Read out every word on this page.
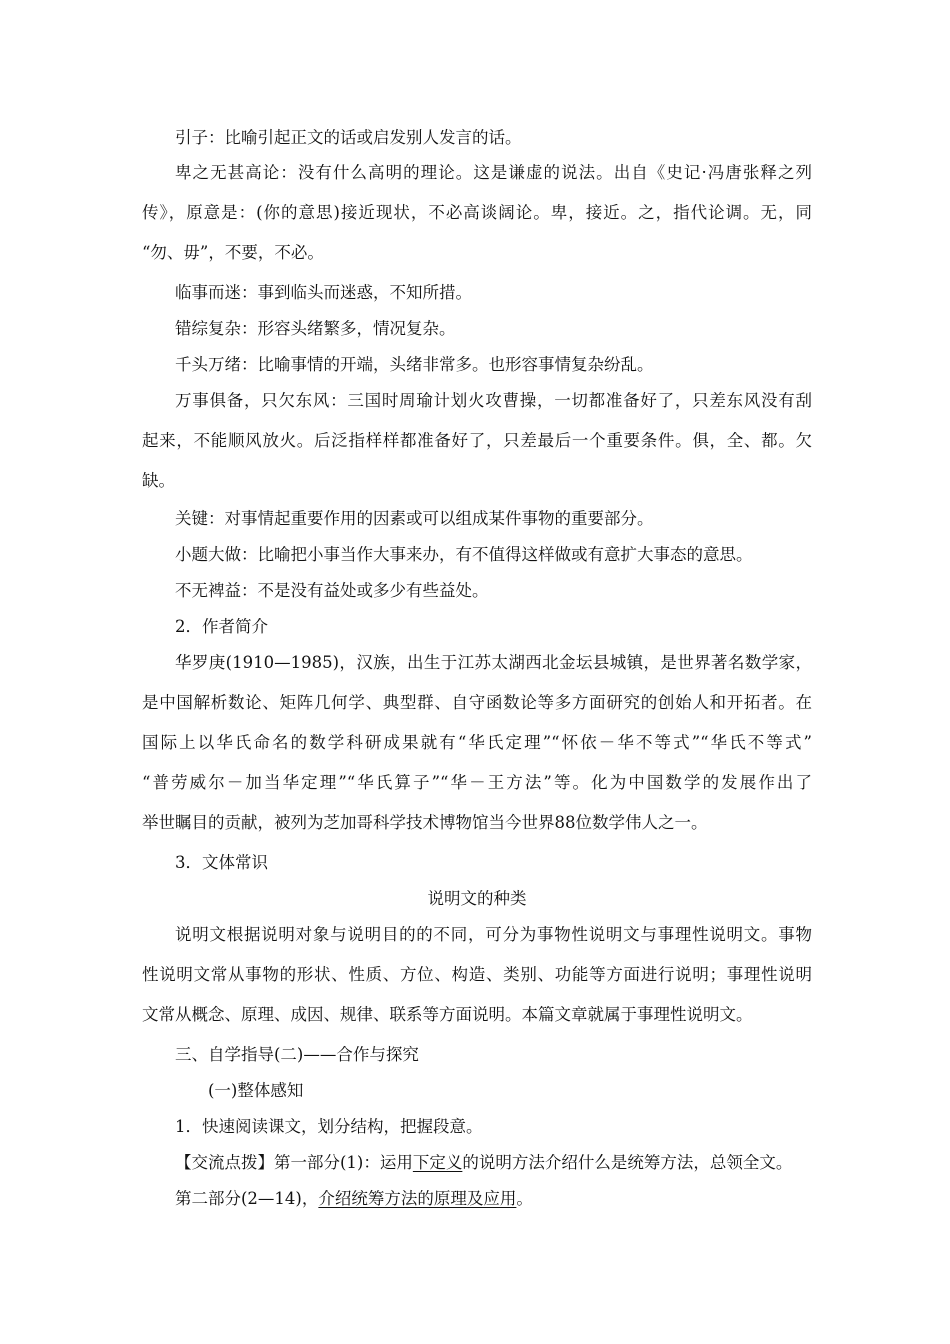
引子：比喻引起正文的话或启发别人发言的话。
卑之无甚高论：没有什么高明的理论。这是谦虚的说法。出自《史记·冯唐张释之列
传》，原意是：(你的意思)接近现状，不必高谈阔论。卑，接近。之，指代论调。无，同
“勿、毋”，不要，不必。
临事而迷：事到临头而迷惑，不知所措。
错综复杂：形容头绪繁多，情况复杂。
千头万绪：比喻事情的开端，头绪非常多。也形容事情复杂纷乱。
万事俱备，只欠东风：三国时周瑜计划火攻曹操，一切都准备好了，只差东风没有刮
起来，不能顺风放火。后泛指样样都准备好了，只差最后一个重要条件。俱，全、都。欠
缺。
关键：对事情起重要作用的因素或可以组成某件事物的重要部分。
小题大做：比喻把小事当作大事来办，有不值得这样做或有意扩大事态的意思。
不无裨益：不是没有益处或多少有些益处。
2．作者简介
华罗庚(1910—1985)，汉族，出生于江苏太湖西北金坛县城镇，是世界著名数学家，
是中国解析数论、矩阵几何学、典型群、自守函数论等多方面研究的创始人和开拓者。在
国际上以华氏命名的数学科研成果就有“华氏定理”“怀依－华不等式”“华氏不等式”
“普劳威尔－加当华定理”“华氏算子”“华－王方法”等。化为中国数学的发展作出了
举世瞩目的贡献，被列为芝加哥科学技术博物馆当今世界88位数学伟人之一。
3．文体常识
说明文的种类
说明文根据说明对象与说明目的的不同，可分为事物性说明文与事理性说明文。事物
性说明文常从事物的形状、性质、方位、构造、类别、功能等方面进行说明；事理性说明
文常从概念、原理、成因、规律、联系等方面说明。本篇文章就属于事理性说明文。
三、自学指导(二)——合作与探究
(一)整体感知
1．快速阅读课文，划分结构，把握段意。
【交流点拨】第一部分(1)：运用下定义的说明方法介绍什么是统筹方法，总领全文。
第二部分(2—14)，介绍统筹方法的原理及应用。
